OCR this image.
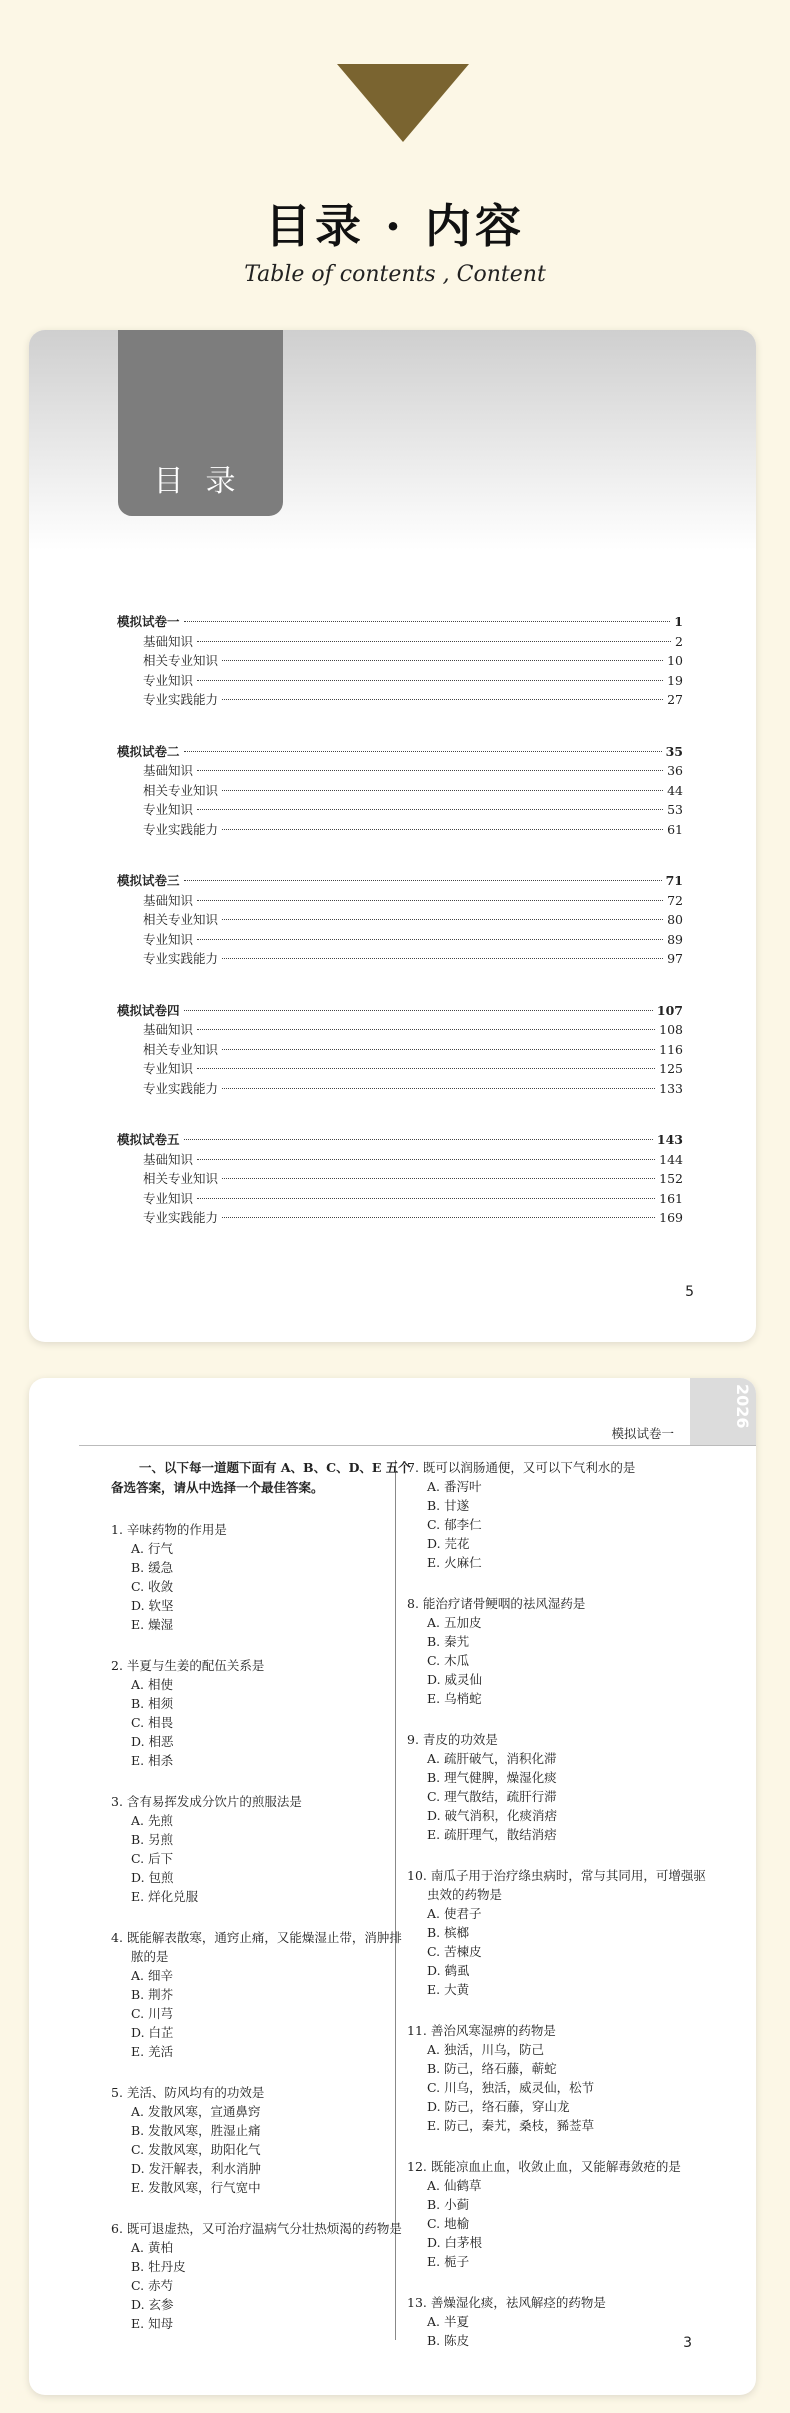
目录 · 内容
Table of contents , Content
目录
模拟试卷一	1
基础知识	2
相关专业知识	10
专业知识	19
专业实践能力	27
模拟试卷二	35
基础知识	36
相关专业知识	44
专业知识	53
专业实践能力	61
模拟试卷三	71
基础知识	72
相关专业知识	80
专业知识	89
专业实践能力	97
模拟试卷四	107
基础知识	108
相关专业知识	116
专业知识	125
专业实践能力	133
模拟试卷五	143
基础知识	144
相关专业知识	152
专业知识	161
专业实践能力	169
5
2026
模拟试卷一
一、以下每一道题下面有 A、B、C、D、E 五个备选答案，请从中选择一个最佳答案。
1. 辛味药物的作用是
A. 行气
B. 缓急
C. 收敛
D. 软坚
E. 燥湿
2. 半夏与生姜的配伍关系是
A. 相使
B. 相须
C. 相畏
D. 相恶
E. 相杀
3. 含有易挥发成分饮片的煎服法是
A. 先煎
B. 另煎
C. 后下
D. 包煎
E. 烊化兑服
4. 既能解表散寒，通窍止痛，又能燥湿止带，消肿排脓的是
A. 细辛
B. 荆芥
C. 川芎
D. 白芷
E. 羌活
5. 羌活、防风均有的功效是
A. 发散风寒，宣通鼻窍
B. 发散风寒，胜湿止痛
C. 发散风寒，助阳化气
D. 发汗解表，利水消肿
E. 发散风寒，行气宽中
6. 既可退虚热，又可治疗温病气分壮热烦渴的药物是
A. 黄柏
B. 牡丹皮
C. 赤芍
D. 玄参
E. 知母
7. 既可以润肠通便，又可以下气利水的是
A. 番泻叶
B. 甘遂
C. 郁李仁
D. 芫花
E. 火麻仁
8. 能治疗诸骨鲠咽的祛风湿药是
A. 五加皮
B. 秦艽
C. 木瓜
D. 威灵仙
E. 乌梢蛇
9. 青皮的功效是
A. 疏肝破气，消积化滞
B. 理气健脾，燥湿化痰
C. 理气散结，疏肝行滞
D. 破气消积，化痰消痞
E. 疏肝理气，散结消痞
10. 南瓜子用于治疗绦虫病时，常与其同用，可增强驱虫效的药物是
A. 使君子
B. 槟榔
C. 苦楝皮
D. 鹤虱
E. 大黄
11. 善治风寒湿痹的药物是
A. 独活，川乌，防己
B. 防己，络石藤，蕲蛇
C. 川乌，独活，威灵仙，松节
D. 防己，络石藤，穿山龙
E. 防己，秦艽，桑枝，豨莶草
12. 既能凉血止血，收敛止血，又能解毒敛疮的是
A. 仙鹤草
B. 小蓟
C. 地榆
D. 白茅根
E. 栀子
13. 善燥湿化痰，祛风解痉的药物是
A. 半夏
B. 陈皮	3
